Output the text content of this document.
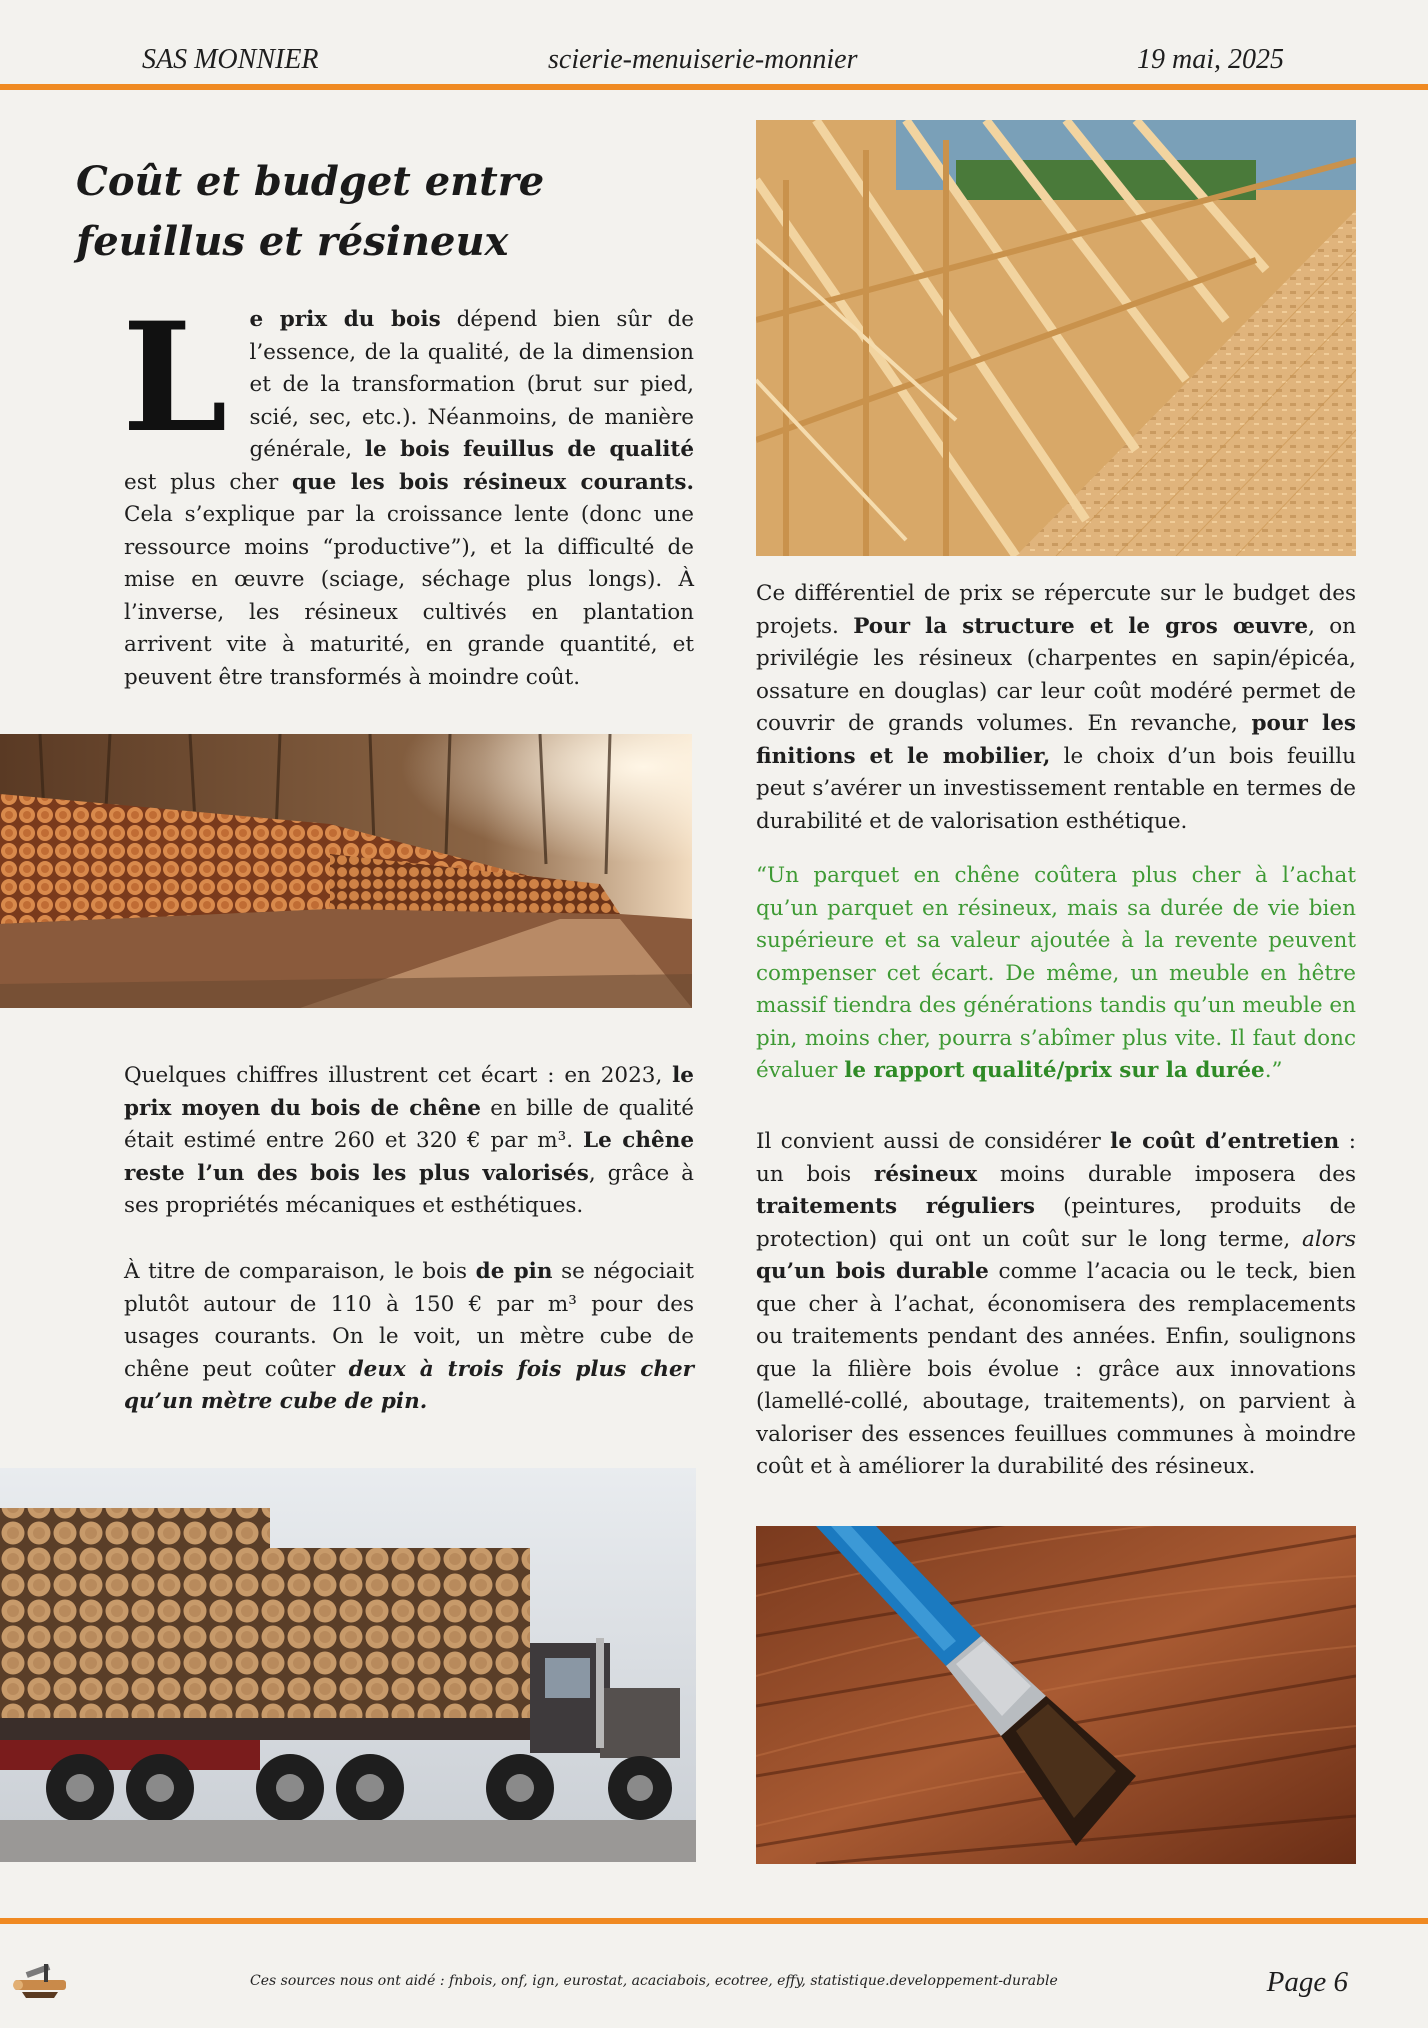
SAS MONNIER	scierie-menuiserie-monnier	19 mai, 2025
Coût et budget entre feuillus et résineux
L e prix du bois dépend bien sûr de l’essence, de la qualité, de la dimension et de la transformation (brut sur pied, scié, sec, etc.). Néanmoins, de manière générale, le bois feuillus de qualité est plus cher que les bois résineux courants. Cela s’explique par la croissance lente (donc une ressource moins “productive”), et la difficulté de mise en œuvre (sciage, séchage plus longs). À l’inverse, les résineux cultivés en plantation arrivent vite à maturité, en grande quantité, et peuvent être transformés à moindre coût.
Quelques chiffres illustrent cet écart : en 2023, le prix moyen du bois de chêne en bille de qualité était estimé entre 260 et 320 € par m³. Le chêne reste l’un des bois les plus valorisés, grâce à ses propriétés mécaniques et esthétiques.
À titre de comparaison, le bois de pin se négociait plutôt autour de 110 à 150 € par m³ pour des usages courants. On le voit, un mètre cube de chêne peut coûter deux à trois fois plus cher qu’un mètre cube de pin.
Ce différentiel de prix se répercute sur le budget des projets. Pour la structure et le gros œuvre, on privilégie les résineux (charpentes en sapin/épicéa, ossature en douglas) car leur coût modéré permet de couvrir de grands volumes. En revanche, pour les finitions et le mobilier, le choix d’un bois feuillu peut s’avérer un investissement rentable en termes de durabilité et de valorisation esthétique.
“Un parquet en chêne coûtera plus cher à l’achat qu’un parquet en résineux, mais sa durée de vie bien supérieure et sa valeur ajoutée à la revente peuvent compenser cet écart. De même, un meuble en hêtre massif tiendra des générations tandis qu’un meuble en pin, moins cher, pourra s’abîmer plus vite. Il faut donc évaluer le rapport qualité/prix sur la durée.”
Il convient aussi de considérer le coût d’entretien : un bois résineux moins durable imposera des traitements réguliers (peintures, produits de protection) qui ont un coût sur le long terme, alors qu’un bois durable comme l’acacia ou le teck, bien que cher à l’achat, économisera des remplacements ou traitements pendant des années. Enfin, soulignons que la filière bois évolue : grâce aux innovations (lamellé-collé, aboutage, traitements), on parvient à valoriser des essences feuillues communes à moindre coût et à améliorer la durabilité des résineux.
Ces sources nous ont aidé : fnbois, onf, ign, eurostat, acaciabois, ecotree, effy, statistique.developpement-durable	Page 6
